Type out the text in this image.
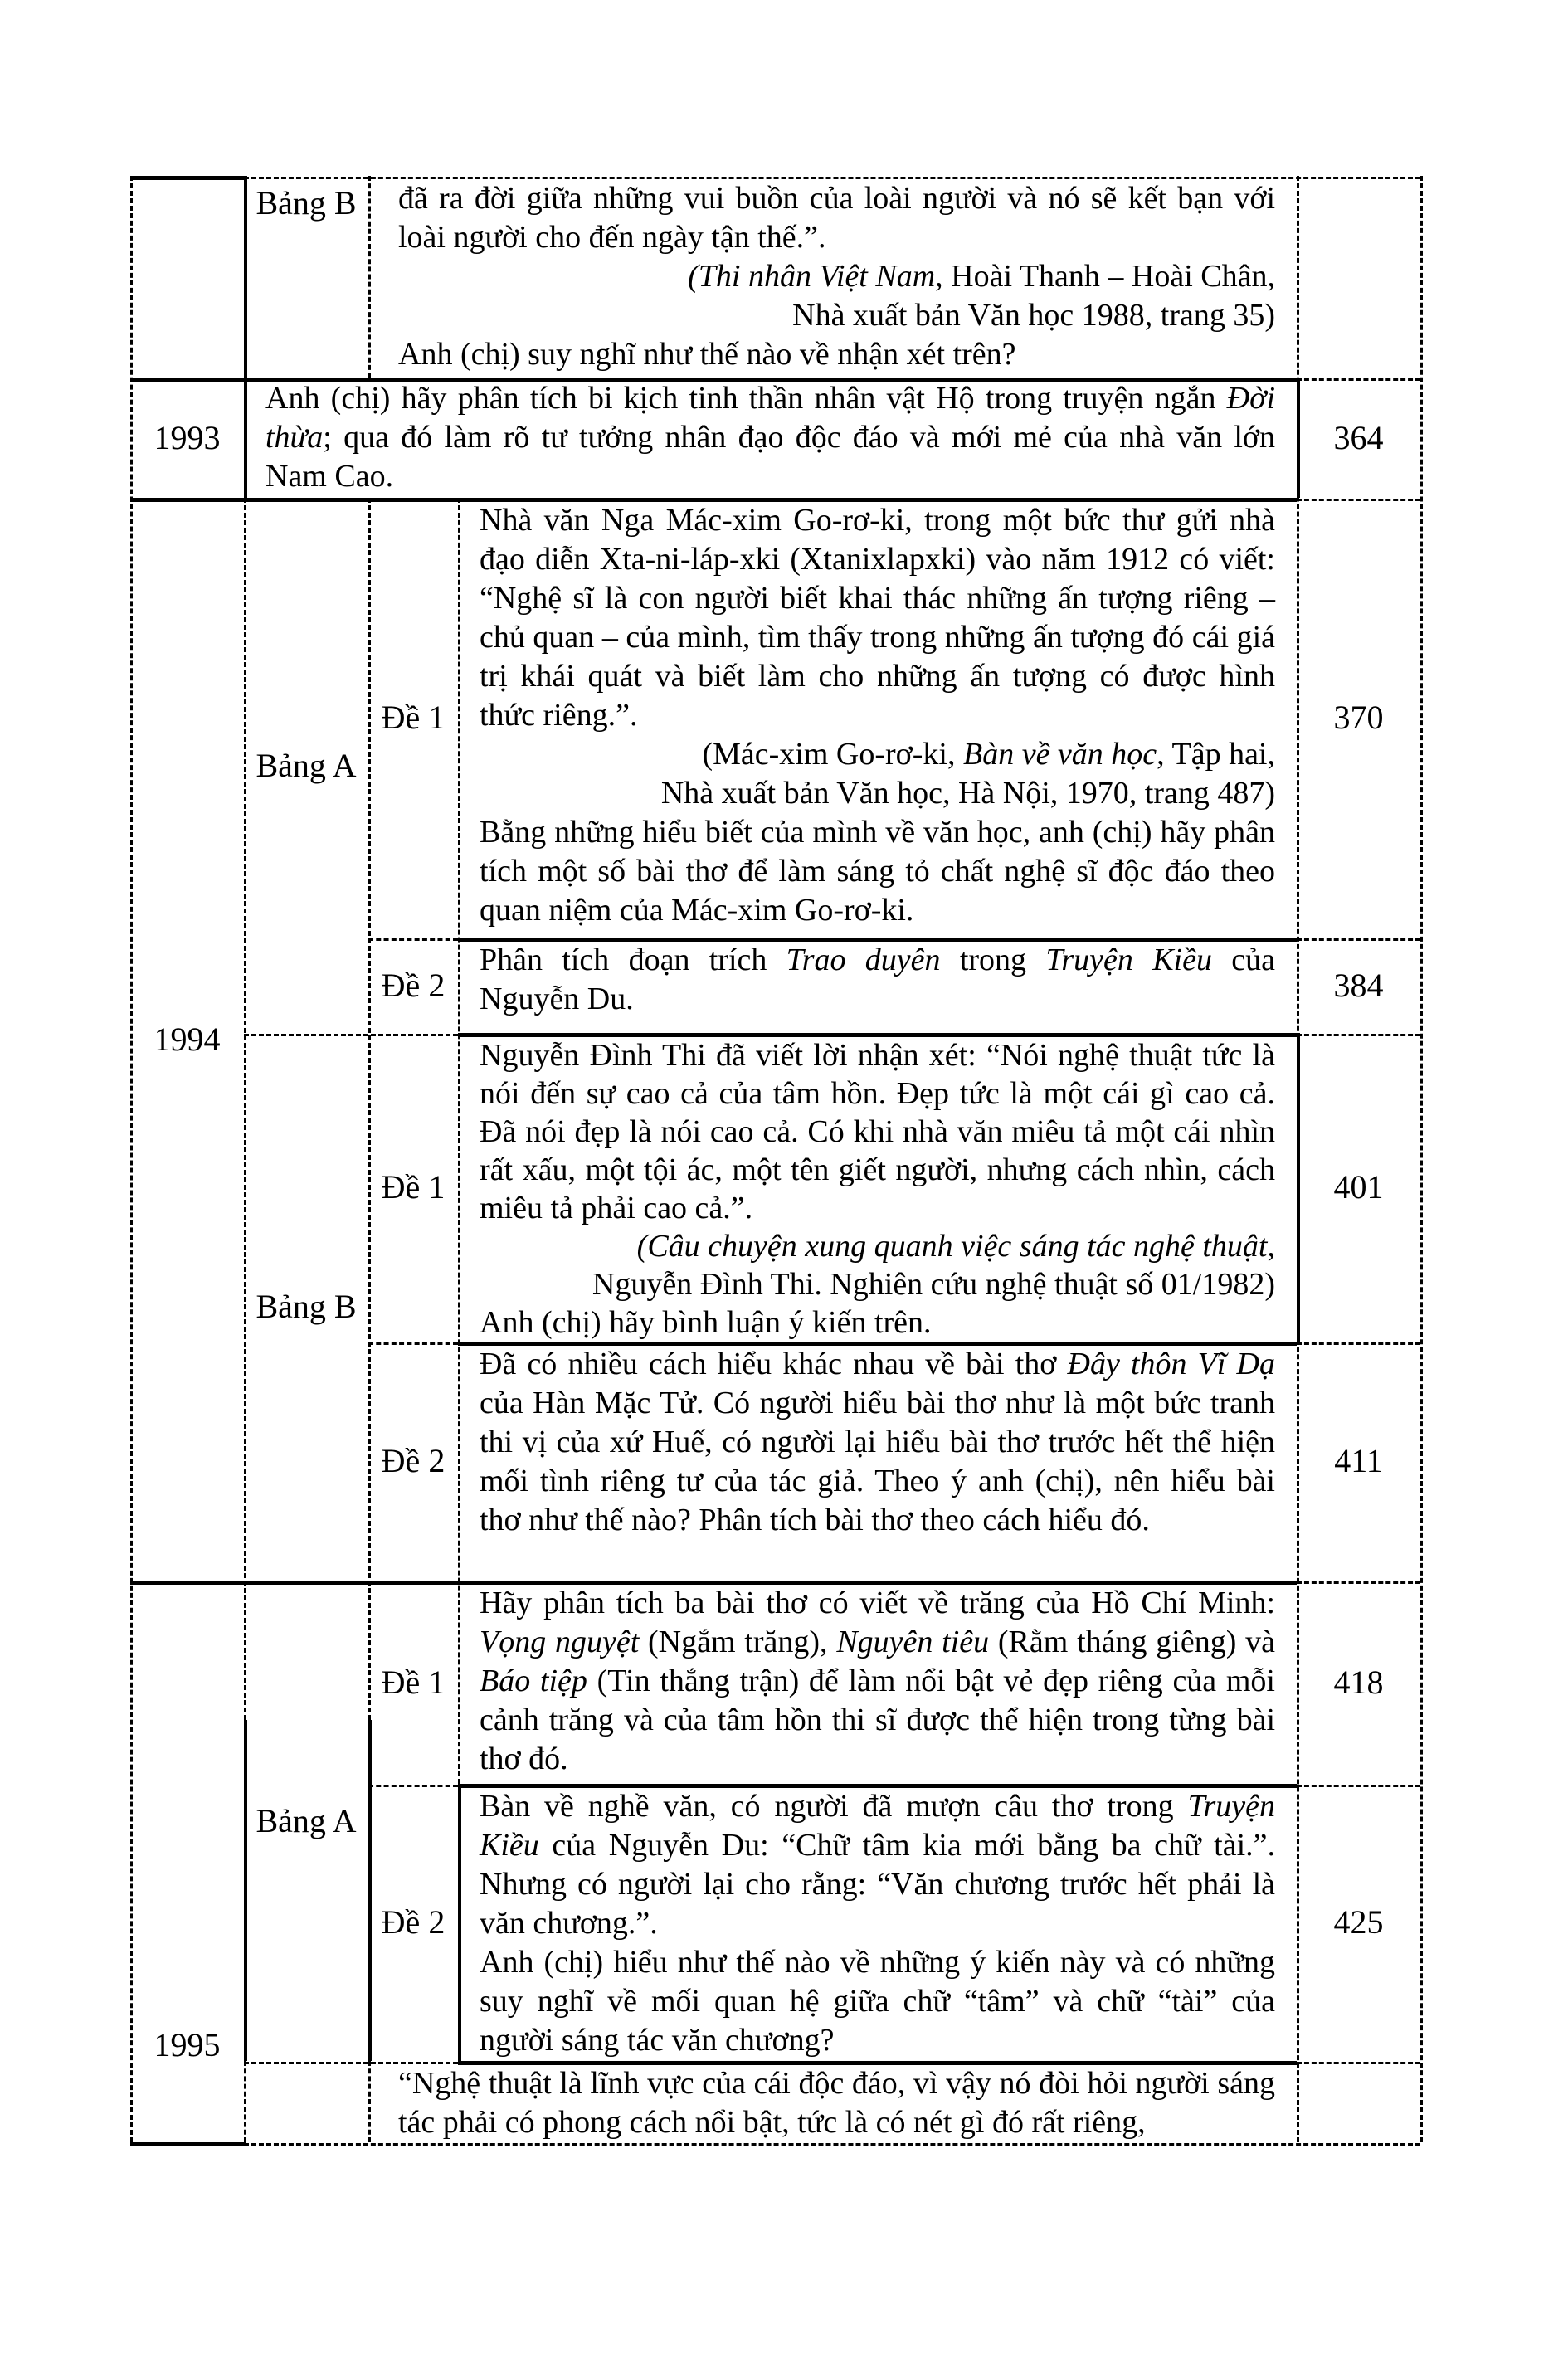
Bảng B	đã ra đời giữa những vui buồn của loài người và nó sẽ kết bạn với loài người cho đến ngày tận thế.”.
(Thi nhân Việt Nam, Hoài Thanh – Hoài Chân,
Nhà xuất bản Văn học 1988, trang 35)
Anh (chị) suy nghĩ như thế nào về nhận xét trên?
1993
Anh (chị) hãy phân tích bi kịch tinh thần nhân vật Hộ trong truyện ngắn Đời thừa; qua đó làm rõ tư tưởng nhân đạo độc đáo và mới mẻ của nhà văn lớn Nam Cao.
364
1994
Bảng A
Đề 1
Nhà văn Nga Mác-xim Go-rơ-ki, trong một bức thư gửi nhà đạo diễn Xta-ni-láp-xki (Xtanixlapxki) vào năm 1912 có viết: “Nghệ sĩ là con người biết khai thác những ấn tượng riêng – chủ quan – của mình, tìm thấy trong những ấn tượng đó cái giá trị khái quát và biết làm cho những ấn tượng có được hình thức riêng.”.
(Mác-xim Go-rơ-ki, Bàn về văn học, Tập hai,
Nhà xuất bản Văn học, Hà Nội, 1970, trang 487)
Bằng những hiểu biết của mình về văn học, anh (chị) hãy phân tích một số bài thơ để làm sáng tỏ chất nghệ sĩ độc đáo theo quan niệm của Mác-xim Go-rơ-ki.
370
Đề 2
Phân tích đoạn trích Trao duyên trong Truyện Kiều của Nguyễn Du.	384
Bảng B
Đề 1
Nguyễn Đình Thi đã viết lời nhận xét: “Nói nghệ thuật tức là nói đến sự cao cả của tâm hồn. Đẹp tức là một cái gì cao cả. Đã nói đẹp là nói cao cả. Có khi nhà văn miêu tả một cái nhìn rất xấu, một tội ác, một tên giết người, nhưng cách nhìn, cách miêu tả phải cao cả.”.
(Câu chuyện xung quanh việc sáng tác nghệ thuật,
Nguyễn Đình Thi. Nghiên cứu nghệ thuật số 01/1982)
Anh (chị) hãy bình luận ý kiến trên.
401
Đề 2
Đã có nhiều cách hiểu khác nhau về bài thơ Đây thôn Vĩ Dạ của Hàn Mặc Tử. Có người hiểu bài thơ như là một bức tranh thi vị của xứ Huế, có người lại hiểu bài thơ trước hết thể hiện mối tình riêng tư của tác giả. Theo ý anh (chị), nên hiểu bài thơ như thế nào? Phân tích bài thơ theo cách hiểu đó.
411
1995
Bảng A
Đề 1
Hãy phân tích ba bài thơ có viết về trăng của Hồ Chí Minh: Vọng nguyệt (Ngắm trăng), Nguyên tiêu (Rằm tháng giêng) và Báo tiệp (Tin thắng trận) để làm nổi bật vẻ đẹp riêng của mỗi cảnh trăng và của tâm hồn thi sĩ được thể hiện trong từng bài thơ đó.
418
Đề 2
Bàn về nghề văn, có người đã mượn câu thơ trong Truyện Kiều của Nguyễn Du: “Chữ tâm kia mới bằng ba chữ tài.”. Nhưng có người lại cho rằng: “Văn chương trước hết phải là văn chương.”.
Anh (chị) hiểu như thế nào về những ý kiến này và có những suy nghĩ về mối quan hệ giữa chữ “tâm” và chữ “tài” của người sáng tác văn chương?
425
“Nghệ thuật là lĩnh vực của cái độc đáo, vì vậy nó đòi hỏi người sáng tác phải có phong cách nổi bật, tức là có nét gì đó rất riêng,
